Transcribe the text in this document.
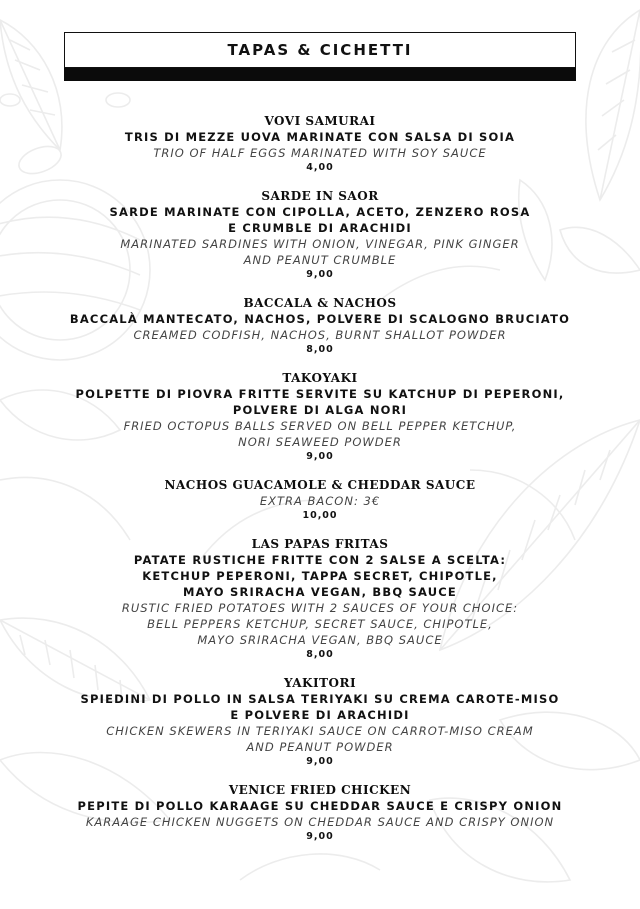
TAPAS & CICHETTI
VOVI SAMURAI
TRIS DI MEZZE UOVA MARINATE CON SALSA DI SOIA
TRIO OF HALF EGGS MARINATED WITH SOY SAUCE
4,00
SARDE IN SAOR
SARDE MARINATE CON CIPOLLA, ACETO, ZENZERO ROSA
E CRUMBLE DI ARACHIDI
MARINATED SARDINES WITH ONION, VINEGAR, PINK GINGER
AND PEANUT CRUMBLE
9,00
BACCALA & NACHOS
BACCALÀ MANTECATO, NACHOS, POLVERE DI SCALOGNO BRUCIATO
CREAMED CODFISH, NACHOS, BURNT SHALLOT POWDER
8,00
TAKOYAKI
POLPETTE DI PIOVRA FRITTE SERVITE SU KATCHUP DI PEPERONI,
POLVERE DI ALGA NORI
FRIED OCTOPUS BALLS SERVED ON BELL PEPPER KETCHUP,
NORI SEAWEED POWDER
9,00
NACHOS GUACAMOLE & CHEDDAR SAUCE
EXTRA BACON: 3€
10,00
LAS PAPAS FRITAS
PATATE RUSTICHE FRITTE CON 2 SALSE A SCELTA:
KETCHUP PEPERONI, TAPPA SECRET, CHIPOTLE,
MAYO SRIRACHA VEGAN, BBQ SAUCE
RUSTIC FRIED POTATOES WITH 2 SAUCES OF YOUR CHOICE:
BELL PEPPERS KETCHUP, SECRET SAUCE, CHIPOTLE,
MAYO SRIRACHA VEGAN, BBQ SAUCE
8,00
YAKITORI
SPIEDINI DI POLLO IN SALSA TERIYAKI SU CREMA CAROTE-MISO
E POLVERE DI ARACHIDI
CHICKEN SKEWERS IN TERIYAKI SAUCE ON CARROT-MISO CREAM
AND PEANUT POWDER
9,00
VENICE FRIED CHICKEN
PEPITE DI POLLO KARAAGE SU CHEDDAR SAUCE E CRISPY ONION
KARAAGE CHICKEN NUGGETS ON CHEDDAR SAUCE AND CRISPY ONION
9,00
